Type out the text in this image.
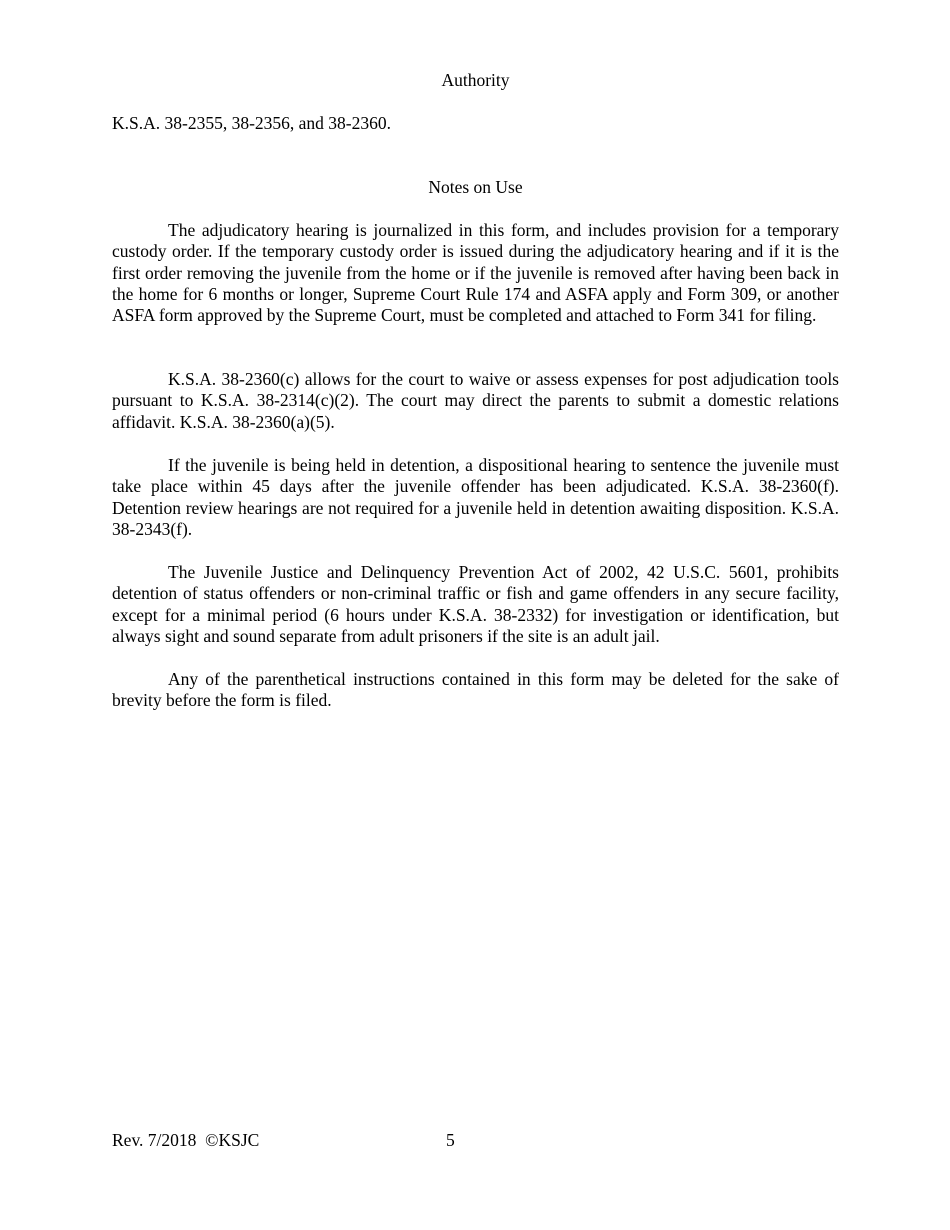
Authority

K.S.A. 38-2355, 38-2356, and 38-2360.

Notes on Use

The adjudicatory hearing is journalized in this form, and includes provision for a temporary custody order. If the temporary custody order is issued during the adjudicatory hearing and if it is the first order removing the juvenile from the home or if the juvenile is removed after having been back in the home for 6 months or longer, Supreme Court Rule 174 and ASFA apply and Form 309, or another ASFA form approved by the Supreme Court, must be completed and attached to Form 341 for filing.

K.S.A. 38-2360(c) allows for the court to waive or assess expenses for post adjudication tools pursuant to K.S.A. 38-2314(c)(2). The court may direct the parents to submit a domestic relations affidavit. K.S.A. 38-2360(a)(5).

If the juvenile is being held in detention, a dispositional hearing to sentence the juvenile must take place within 45 days after the juvenile offender has been adjudicated. K.S.A. 38-2360(f). Detention review hearings are not required for a juvenile held in detention awaiting disposition. K.S.A. 38-2343(f).

The Juvenile Justice and Delinquency Prevention Act of 2002, 42 U.S.C. 5601, prohibits detention of status offenders or non-criminal traffic or fish and game offenders in any secure facility, except for a minimal period (6 hours under K.S.A. 38-2332) for investigation or identification, but always sight and sound separate from adult prisoners if the site is an adult jail.

Any of the parenthetical instructions contained in this form may be deleted for the sake of brevity before the form is filed.

Rev. 7/2018  ©KSJC	5
